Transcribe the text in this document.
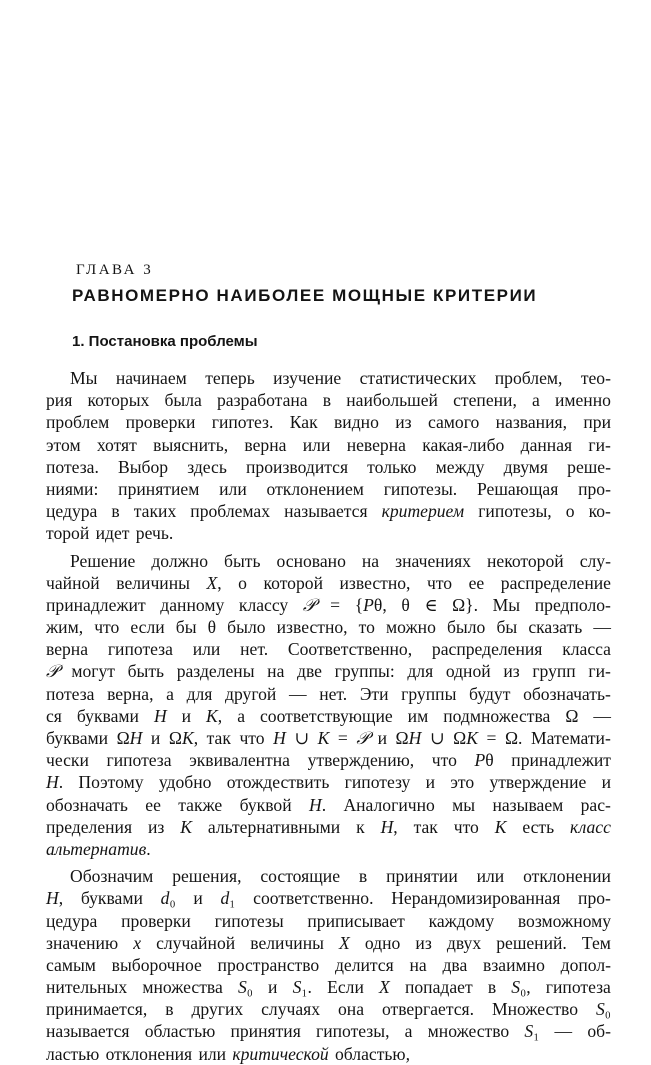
ГЛАВА 3
РАВНОМЕРНО НАИБОЛЕЕ МОЩНЫЕ КРИТЕРИИ
1. Постановка проблемы
Мы начинаем теперь изучение статистических проблем, тео-
рия которых была разработана в наибольшей степени, а именно
проблем проверки гипотез. Как видно из самого названия, при
этом хотят выяснить, верна или неверна какая-либо данная ги-
потеза. Выбор здесь производится только между двумя реше-
ниями: принятием или отклонением гипотезы. Решающая про-
цедура в таких проблемах называется критерием гипотезы, о ко-
торой идет речь.
Решение должно быть основано на значениях некоторой слу-
чайной величины X, о которой известно, что ее распределение
принадлежит данному классу 𝒫 = {Pθ, θ ∈ Ω}. Мы предполо-
жим, что если бы θ было известно, то можно было бы сказать —
верна гипотеза или нет. Соответственно, распределения класса
𝒫 могут быть разделены на две группы: для одной из групп ги-
потеза верна, а для другой — нет. Эти группы будут обозначать-
ся буквами H и K, а соответствующие им подмножества Ω —
буквами ΩH и ΩK, так что H ∪ K = 𝒫 и ΩH ∪ ΩK = Ω. Математи-
чески гипотеза эквивалентна утверждению, что Pθ принадлежит
H. Поэтому удобно отождествить гипотезу и это утверждение и
обозначать ее также буквой H. Аналогично мы называем рас-
пределения из K альтернативными к H, так что K есть класс
альтернатив.
Обозначим решения, состоящие в принятии или отклонении
H, буквами d₀ и d₁ соответственно. Нерандомизированная про-
цедура проверки гипотезы приписывает каждому возможному
значению x случайной величины X одно из двух решений. Тем
самым выборочное пространство делится на два взаимно допол-
нительных множества S₀ и S₁. Если X попадает в S₀, гипотеза
принимается, в других случаях она отвергается. Множество S₀
называется областью принятия гипотезы, а множество S₁ — об-
ластью отклонения или критической областью,
